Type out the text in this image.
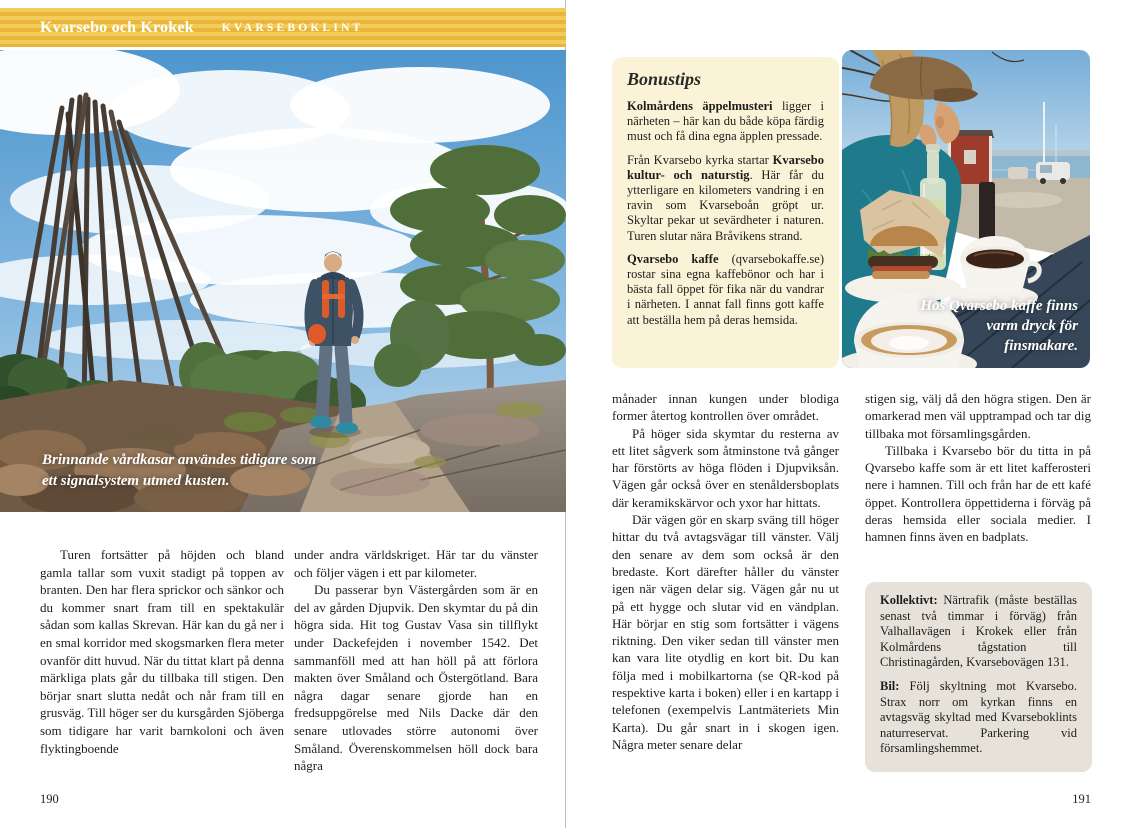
Kvarsebo och Krokek KVARSEBOKLINT
Brinnande vårdkasar användes tidigare som ett signalsystem utmed kusten.

Turen fortsätter på höjden och bland gamla tallar som vuxit stadigt på toppen av branten. Den har flera sprickor och sänkor och du kommer snart fram till en spektakulär sådan som kallas Skrevan. Här kan du gå ner i en smal korridor med skogsmarken flera meter ovanför ditt huvud. När du tittat klart på denna märkliga plats går du tillbaka till stigen. Den börjar snart slutta nedåt och når fram till en grusväg. Till höger ser du kursgården Sjöberga som tidigare har varit barnkoloni och även flyktingboende

under andra världskriget. Här tar du vänster och följer vägen i ett par kilometer.

Du passerar byn Västergården som är en del av gården Djupvik. Den skymtar du på din högra sida. Hit tog Gustav Vasa sin tillflykt under Dackefejden i november 1542. Det sammanföll med att han höll på att förlora makten över Småland och Östergötland. Bara några dagar senare gjorde han en fredsuppgörelse med Nils Dacke där den senare utlovades större autonomi över Småland. Överenskommelsen höll dock bara några

190
Bonustips

Kolmårdens äppelmusteri ligger i närheten – här kan du både köpa färdig must och få dina egna äpplen pressade.

Från Kvarsebo kyrka startar Kvarsebo kultur- och naturstig. Här får du ytterligare en kilometers vandring i en ravin som Kvarseboån gröpt ur. Skyltar pekar ut sevärdheter i naturen. Turen slutar nära Bråvikens strand.

Qvarsebo kaffe (qvarsebokaffe.se) rostar sina egna kaffebönor och har i bästa fall öppet för fika när du vandrar i närheten. I annat fall finns gott kaffe att beställa hem på deras hemsida.

Hos Qvarsebo kaffe finns varm dryck för finsmakare.

månader innan kungen under blodiga former återtog kontrollen över området.

På höger sida skymtar du resterna av ett litet sågverk som åtminstone två gånger har förstörts av höga flöden i Djupviksån. Vägen går också över en stenåldersboplats där keramikskärvor och yxor har hittats.

Där vägen gör en skarp sväng till höger hittar du två avtagsvägar till vänster. Välj den senare av dem som också är den bredaste. Kort därefter håller du vänster igen när vägen delar sig. Vägen går nu ut på ett hygge och slutar vid en vändplan. Här börjar en stig som fortsätter i vägens riktning. Den viker sedan till vänster men kan vara lite otydlig en kort bit. Du kan följa med i mobilkartorna (se QR-kod på respektive karta i boken) eller i en kartapp i telefonen (exempelvis Lantmäteriets Min Karta). Du går snart in i skogen igen. Några meter senare delar

stigen sig, välj då den högra stigen. Den är omarkerad men väl upptrampad och tar dig tillbaka mot församlingsgården.

Tillbaka i Kvarsebo bör du titta in på Qvarsebo kaffe som är ett litet kafferosteri nere i hamnen. Till och från har de ett kafé öppet. Kontrollera öppettiderna i förväg på deras hemsida eller sociala medier. I hamnen finns även en badplats.

Kollektivt: Närtrafik (måste beställas senast två timmar i förväg) från Valhallavägen i Krokek eller från Kolmårdens tågstation till Christinagården, Kvarsebovägen 131.

Bil: Följ skyltning mot Kvarsebo. Strax norr om kyrkan finns en avtagsväg skyltad med Kvarseboklints naturreservat. Parkering vid församlingshemmet.

191
